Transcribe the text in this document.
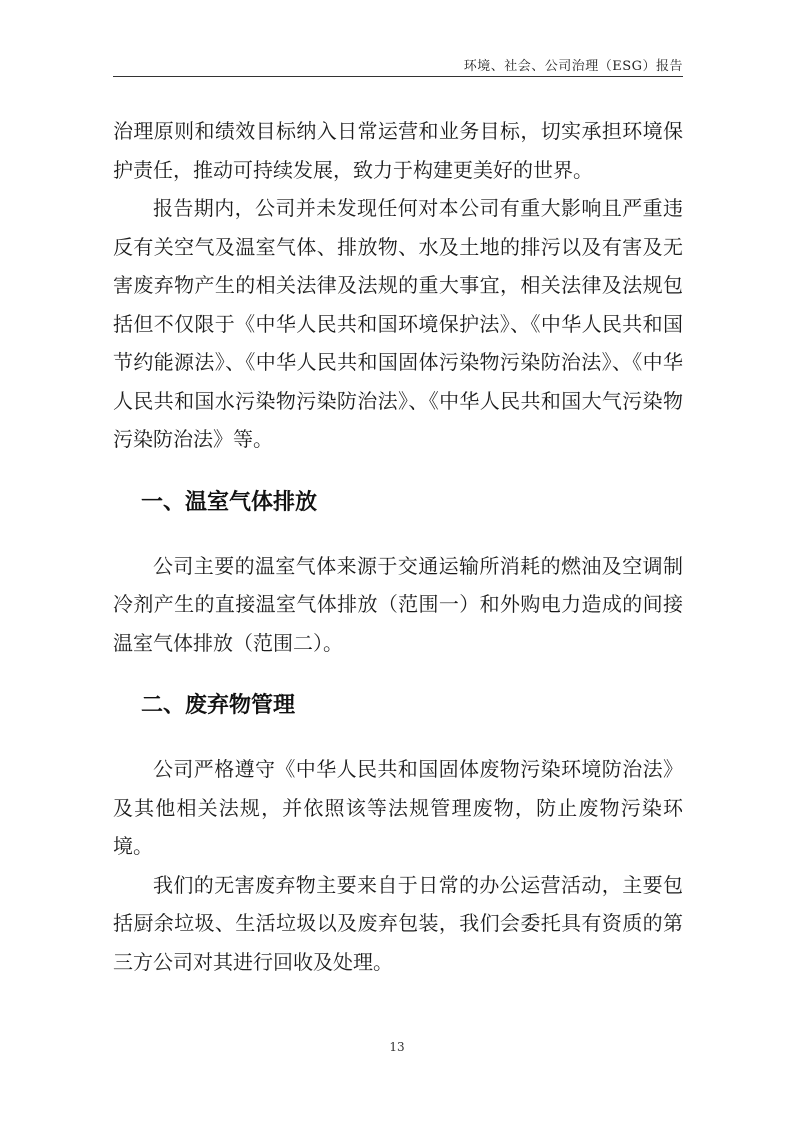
环境、社会、公司治理（ESG）报告

治理原则和绩效目标纳入日常运营和业务目标，切实承担环境保护责任，推动可持续发展，致力于构建更美好的世界。

报告期内，公司并未发现任何对本公司有重大影响且严重违反有关空气及温室气体、排放物、水及土地的排污以及有害及无害废弃物产生的相关法律及法规的重大事宜，相关法律及法规包括但不仅限于《中华人民共和国环境保护法》、《中华人民共和国节约能源法》、《中华人民共和国固体污染物污染防治法》、《中华人民共和国水污染物污染防治法》、《中华人民共和国大气污染物污染防治法》等。

一、温室气体排放

公司主要的温室气体来源于交通运输所消耗的燃油及空调制冷剂产生的直接温室气体排放（范围一）和外购电力造成的间接温室气体排放（范围二）。

二、废弃物管理

公司严格遵守《中华人民共和国固体废物污染环境防治法》及其他相关法规，并依照该等法规管理废物，防止废物污染环境。

我们的无害废弃物主要来自于日常的办公运营活动，主要包括厨余垃圾、生活垃圾以及废弃包装，我们会委托具有资质的第三方公司对其进行回收及处理。

13
